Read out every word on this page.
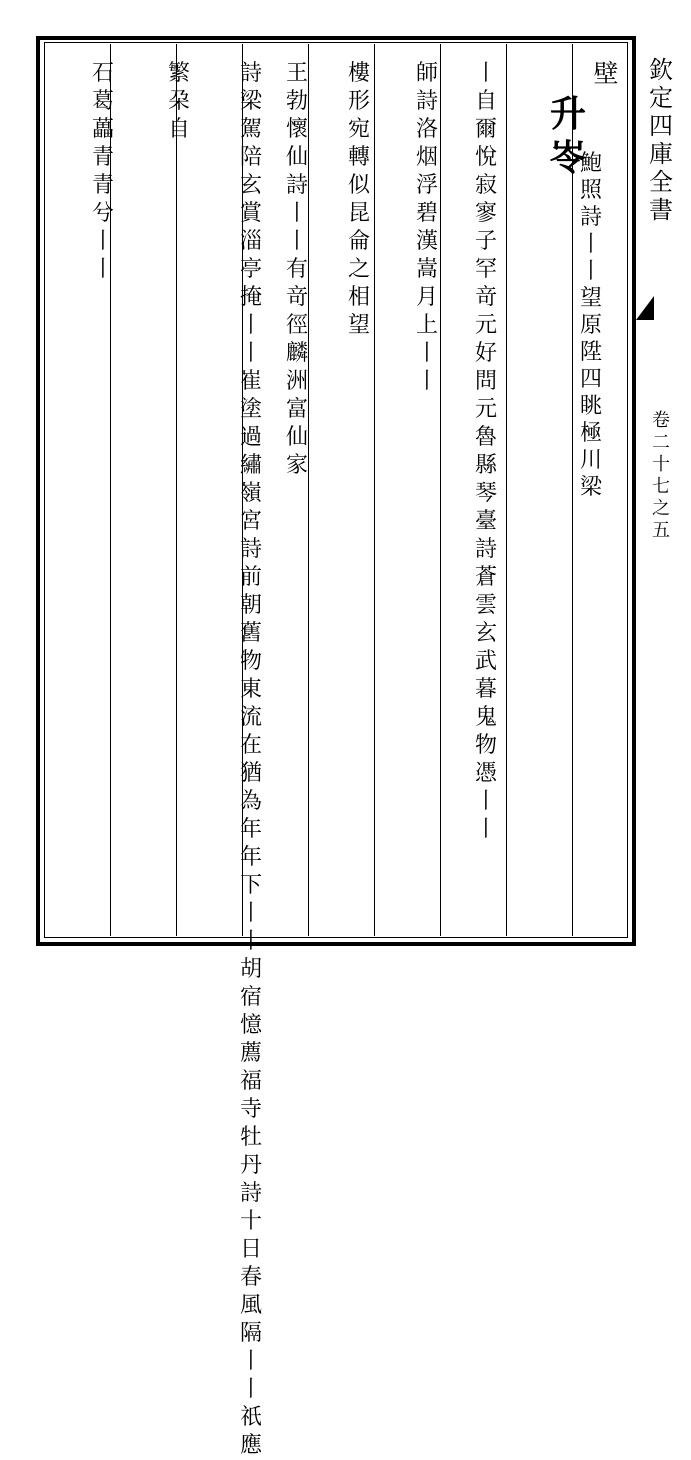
壁
升岺
鮑照詩丨丨望原陞四眺極川梁
丨自爾悅寂寥子罕竒元好問元魯縣琴臺詩蒼雲玄武暮鬼物憑丨丨
師詩洛烟浮碧漢嵩月上丨丨
樓形宛轉似昆侖之相望
王勃懷仙詩丨丨有竒徑麟洲富仙家
詩梁駕陪玄賞淄亭掩丨丨崔塗過繡嶺宮詩前朝舊物東流在猶為年年下丨丨胡宿憶薦福寺牡丹詩十日春風隔丨丨祇應
繁朶自
石葛藟青青兮丨丨
欽定四庫全書
卷二十七之五
